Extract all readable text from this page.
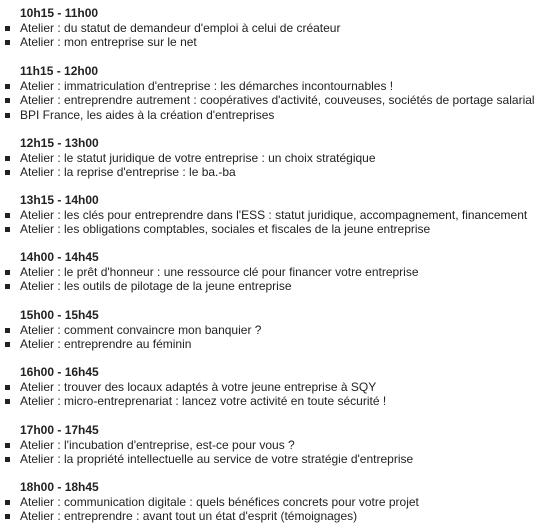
10h15 - 11h00
Atelier : du statut de demandeur d'emploi à celui de créateur
Atelier : mon entreprise sur le net
11h15 - 12h00
Atelier : immatriculation d'entreprise : les démarches incontournables !
Atelier : entreprendre autrement : coopératives d'activité, couveuses, sociétés de portage salarial
BPI France, les aides à la création d'entreprises
12h15 - 13h00
Atelier : le statut juridique de votre entreprise : un choix stratégique
Atelier : la reprise d'entreprise : le ba.-ba
13h15 - 14h00
Atelier : les clés pour entreprendre dans l'ESS : statut juridique, accompagnement, financement
Atelier : les obligations comptables, sociales et fiscales de la jeune entreprise
14h00 - 14h45
Atelier : le prêt d'honneur : une ressource clé pour financer votre entreprise
Atelier : les outils de pilotage de la jeune entreprise
15h00 - 15h45
Atelier : comment convaincre mon banquier ?
Atelier : entreprendre au féminin
16h00 - 16h45
Atelier : trouver des locaux adaptés à votre jeune entreprise à SQY
Atelier : micro-entreprenariat : lancez votre activité en toute sécurité !
17h00 - 17h45
Atelier : l'incubation d'entreprise, est-ce pour vous ?
Atelier : la propriété intellectuelle au service de votre stratégie d'entreprise
18h00 - 18h45
Atelier : communication digitale : quels bénéfices concrets pour votre projet
Atelier : entreprendre : avant tout un état d'esprit (témoignages)
